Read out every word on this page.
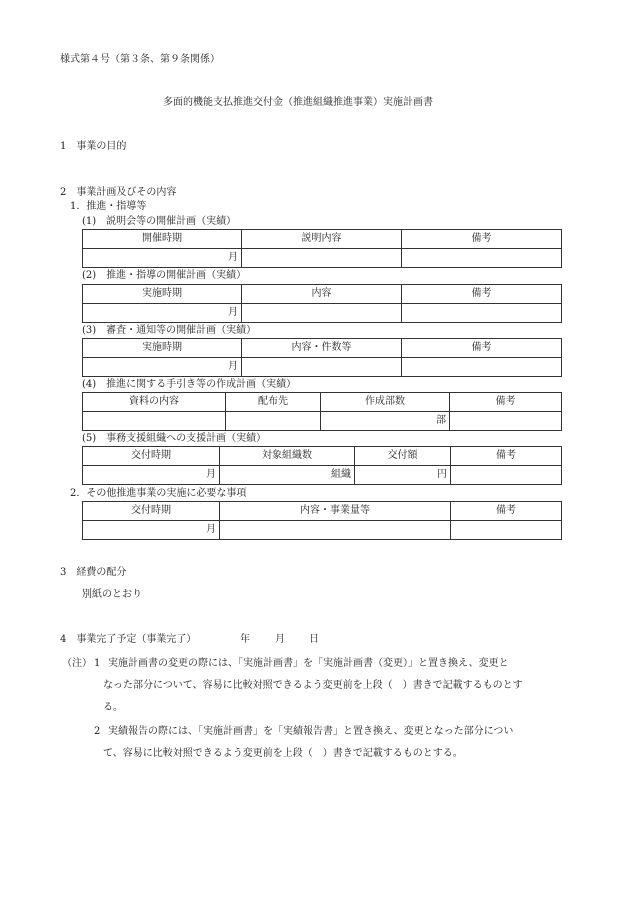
様式第４号（第３条、第９条関係）
多面的機能支払推進交付金（推進組織推進事業）実施計画書
1　事業の目的
2　事業計画及びその内容
1．推進・指導等
(1)　説明会等の開催計画（実績）
開催時期	説明内容	備考
月		
(2)　推進・指導の開催計画（実績）
実施時期	内容	備考
月		
(3)　審査・通知等の開催計画（実績）
実施時期	内容・件数等	備考
月		
(4)　推進に関する手引き等の作成計画（実績）
資料の内容	配布先	作成部数	備考
		部	
(5)　事務支援組織への支援計画（実績）
交付時期	対象組織数	交付額	備考
月	組織	円	
2．その他推進事業の実施に必要な事項
交付時期	内容・事業量等	備考
月		
3　経費の配分
別紙のとおり
4　事業完了予定（事業完了）	年	月 日
（注） 1 実施計画書の変更の際には、「実施計画書」を「実施計画書（変更）」と置き換え、変更と
なった部分について、容易に比較対照できるよう変更前を上段（　）書きで記載するものとす
る。
2 実績報告の際には、「実施計画書」を「実績報告書」と置き換え、変更となった部分につい
て、容易に比較対照できるよう変更前を上段（　）書きで記載するものとする。
